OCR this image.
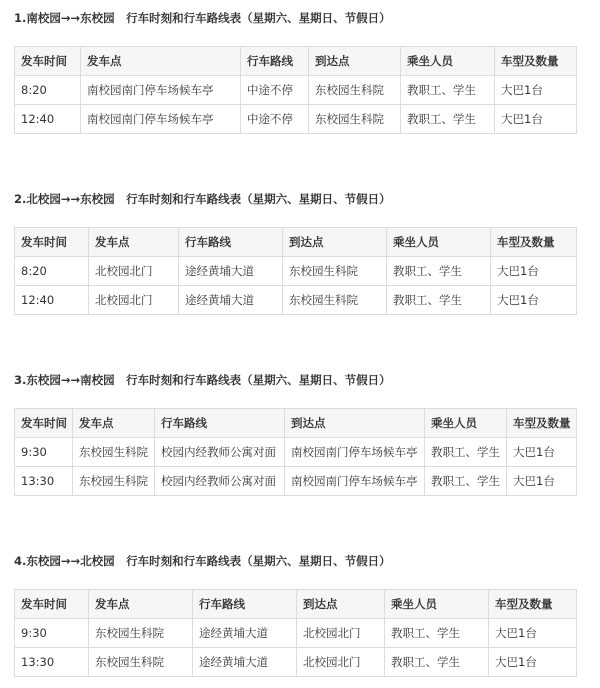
1.南校园→→东校园　行车时刻和行车路线表（星期六、星期日、节假日）
发车时间	发车点	行车路线	到达点	乘坐人员	车型及数量
8:20	南校园南门停车场候车亭	中途不停	东校园生科院	教职工、学生	大巴1台
12:40	南校园南门停车场候车亭	中途不停	东校园生科院	教职工、学生	大巴1台
2.北校园→→东校园　行车时刻和行车路线表（星期六、星期日、节假日）
发车时间	发车点	行车路线	到达点	乘坐人员	车型及数量
8:20	北校园北门	途经黄埔大道	东校园生科院	教职工、学生	大巴1台
12:40	北校园北门	途经黄埔大道	东校园生科院	教职工、学生	大巴1台
3.东校园→→南校园　行车时刻和行车路线表（星期六、星期日、节假日）
发车时间	发车点	行车路线	到达点	乘坐人员	车型及数量
9:30	东校园生科院	校园内经教师公寓对面	南校园南门停车场候车亭	教职工、学生	大巴1台
13:30	东校园生科院	校园内经教师公寓对面	南校园南门停车场候车亭	教职工、学生	大巴1台
4.东校园→→北校园　行车时刻和行车路线表（星期六、星期日、节假日）
发车时间	发车点	行车路线	到达点	乘坐人员	车型及数量
9:30	东校园生科院	途经黄埔大道	北校园北门	教职工、学生	大巴1台
13:30	东校园生科院	途经黄埔大道	北校园北门	教职工、学生	大巴1台
